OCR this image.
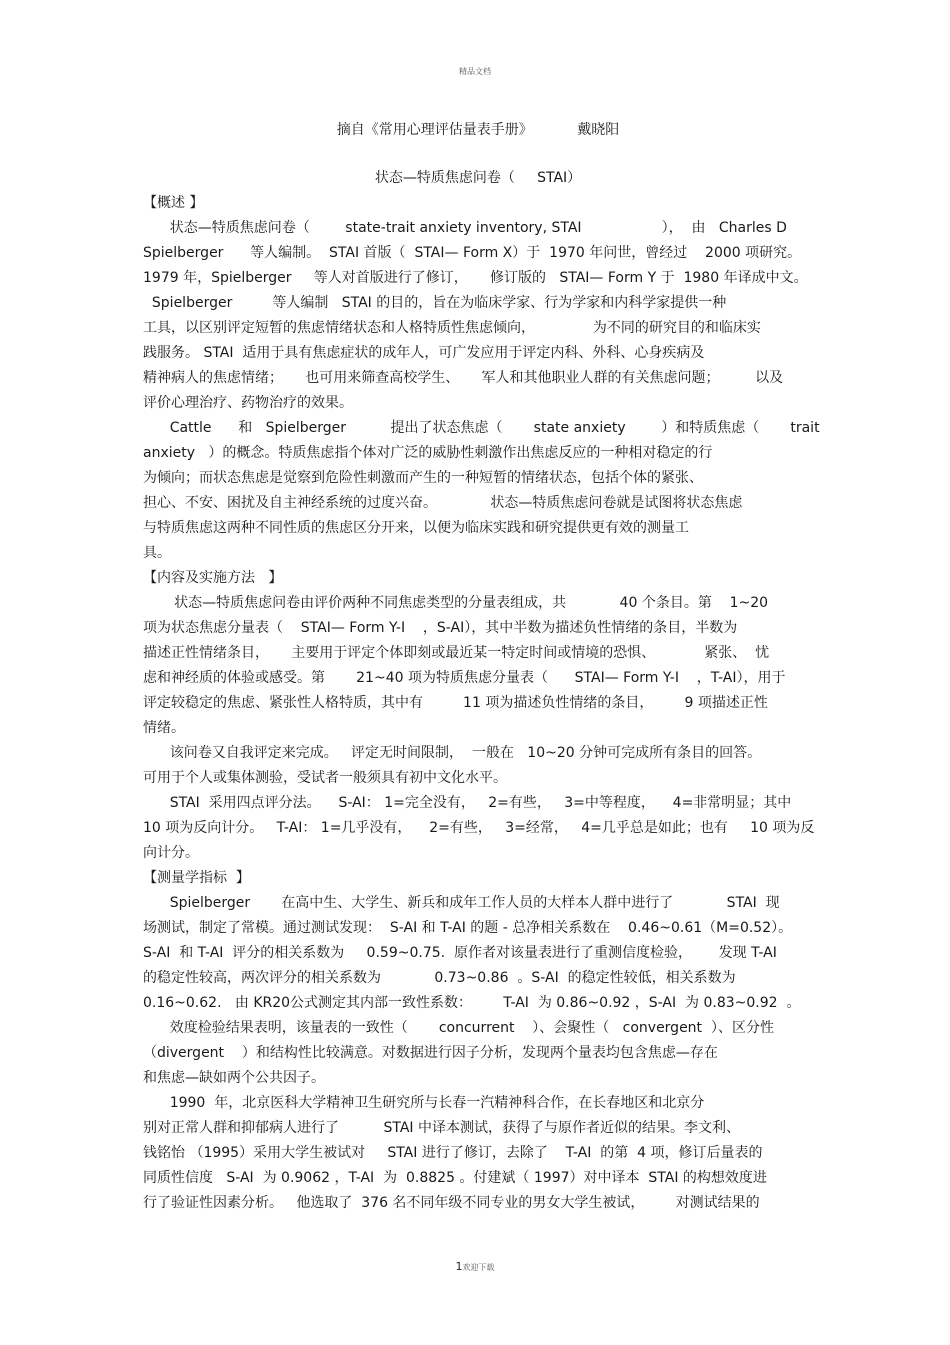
精品文档
摘自《常用心理评估量表手册》          戴晓阳
状态—特质焦虑问卷（     STAI）
【概述 】
状态—特质焦虑问卷（        state-trait anxiety inventory, STAI                  ），  由   Charles D
Spielberger      等人编制。  STAI 首版（  STAI— Form X）于  1970 年问世，曾经过    2000 项研究。
1979 年，Spielberger     等人对首版进行了修订，     修订版的   STAI— Form Y 于  1980 年译成中文。
Spielberger         等人编制   STAI 的目的，旨在为临床学家、行为学家和内科学家提供一种
工具，以区别评定短暂的焦虑情绪状态和人格特质性焦虑倾向，             为不同的研究目的和临床实
践服务。 STAI  适用于具有焦虑症状的成年人，可广发应用于评定内科、外科、心身疾病及
精神病人的焦虑情绪；     也可用来筛查高校学生、     军人和其他职业人群的有关焦虑问题；        以及
评价心理治疗、药物治疗的效果。
Cattle      和   Spielberger          提出了状态焦虑（       state anxiety        ）和特质焦虑（       trait
anxiety   ）的概念。特质焦虑指个体对广泛的威胁性刺激作出焦虑反应的一种相对稳定的行
为倾向；而状态焦虑是觉察到危险性刺激而产生的一种短暂的情绪状态，包括个体的紧张、
担心、不安、困扰及自主神经系统的过度兴奋。            状态—特质焦虑问卷就是试图将状态焦虑
与特质焦虑这两种不同性质的焦虑区分开来，以便为临床实践和研究提供更有效的测量工
具。
【内容及实施方法   】
状态—特质焦虑问卷由评价两种不同焦虑类型的分量表组成，共            40 个条目。第    1~20
项为状态焦虑分量表（    STAI— Form Y-I    ，S-AI），其中半数为描述负性情绪的条目，半数为
描述正性情绪条目，     主要用于评定个体即刻或最近某一特定时间或情境的恐惧、           紧张、  忧
虑和神经质的体验或感受。第       21~40 项为特质焦虑分量表（      STAI— Form Y-I    ，T-AI），用于
评定较稳定的焦虑、紧张性人格特质，其中有         11 项为描述负性情绪的条目，       9 项描述正性
情绪。
该问卷又自我评定来完成。   评定无时间限制，  一般在   10~20 分钟可完成所有条目的回答。
可用于个人或集体测验，受试者一般须具有初中文化水平。
STAI  采用四点评分法。    S-AI： 1=完全没有，   2=有些，   3=中等程度，    4=非常明显；其中
10 项为反向计分。   T-AI： 1=几乎没有，    2=有些，   3=经常，   4=几乎总是如此；也有     10 项为反
向计分。
【测量学指标  】
Spielberger       在高中生、大学生、新兵和成年工作人员的大样本人群中进行了            STAI  现
场测试，制定了常模。通过测试发现：  S-AI 和 T-AI 的题 - 总净相关系数在    0.46~0.61（M=0.52）。
S-AI  和 T-AI  评分的相关系数为     0.59~0.75.  原作者对该量表进行了重测信度检验，      发现 T-AI
的稳定性较高，两次评分的相关系数为            0.73~0.86  。S-AI  的稳定性较低，相关系数为
0.16~0.62.   由 KR20公式测定其内部一致性系数：       T-AI  为 0.86~0.92 ，S-AI  为 0.83~0.92  。
效度检验结果表明，该量表的一致性（       concurrent    ）、会聚性（   convergent  ）、区分性
（divergent    ）和结构性比较满意。对数据进行因子分析，发现两个量表均包含焦虑—存在
和焦虑—缺如两个公共因子。
1990  年，北京医科大学精神卫生研究所与长春一汽精神科合作，在长春地区和北京分
别对正常人群和抑郁病人进行了          STAI 中译本测试，获得了与原作者近似的结果。李文利、
钱铭怡 （1995）采用大学生被试对     STAI 进行了修订，去除了    T-AI  的第  4 项，修订后量表的
同质性信度   S-AI  为 0.9062 ，T-AI  为  0.8825 。付建斌（ 1997）对中译本  STAI 的构想效度进
行了验证性因素分析。   他选取了  376 名不同年级不同专业的男女大学生被试，       对测试结果的
1欢迎下载
